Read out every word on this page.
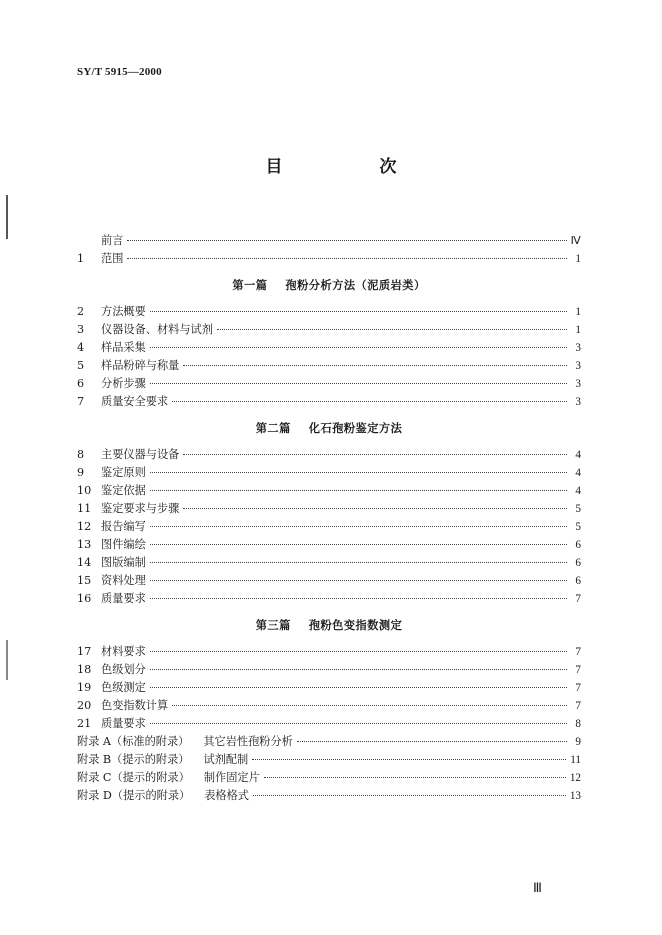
SY/T 5915—2000
目　次
前言	Ⅳ
1	范围	1
第一篇 孢粉分析方法（泥质岩类）
2	方法概要	1
3	仪器设备、材料与试剂	1
4	样品采集	3
5	样品粉碎与称量	3
6	分析步骤	3
7	质量安全要求	3
第二篇 化石孢粉鉴定方法
8	主要仪器与设备	4
9	鉴定原则	4
10 鉴定依据	4
11 鉴定要求与步骤	5
12 报告编写	5
13 图件编绘	6
14 图版编制	6
15 资料处理	6
16 质量要求	7
第三篇 孢粉色变指数测定
17 材料要求	7
18 色级划分	7
19 色级测定	7
20 色变指数计算	7
21 质量要求	8
附录 A（标准的附录） 其它岩性孢粉分析	9
附录 B（提示的附录） 试剂配制	11
附录 C（提示的附录） 制作固定片	12
附录 D（提示的附录） 表格格式	13
Ⅲ
